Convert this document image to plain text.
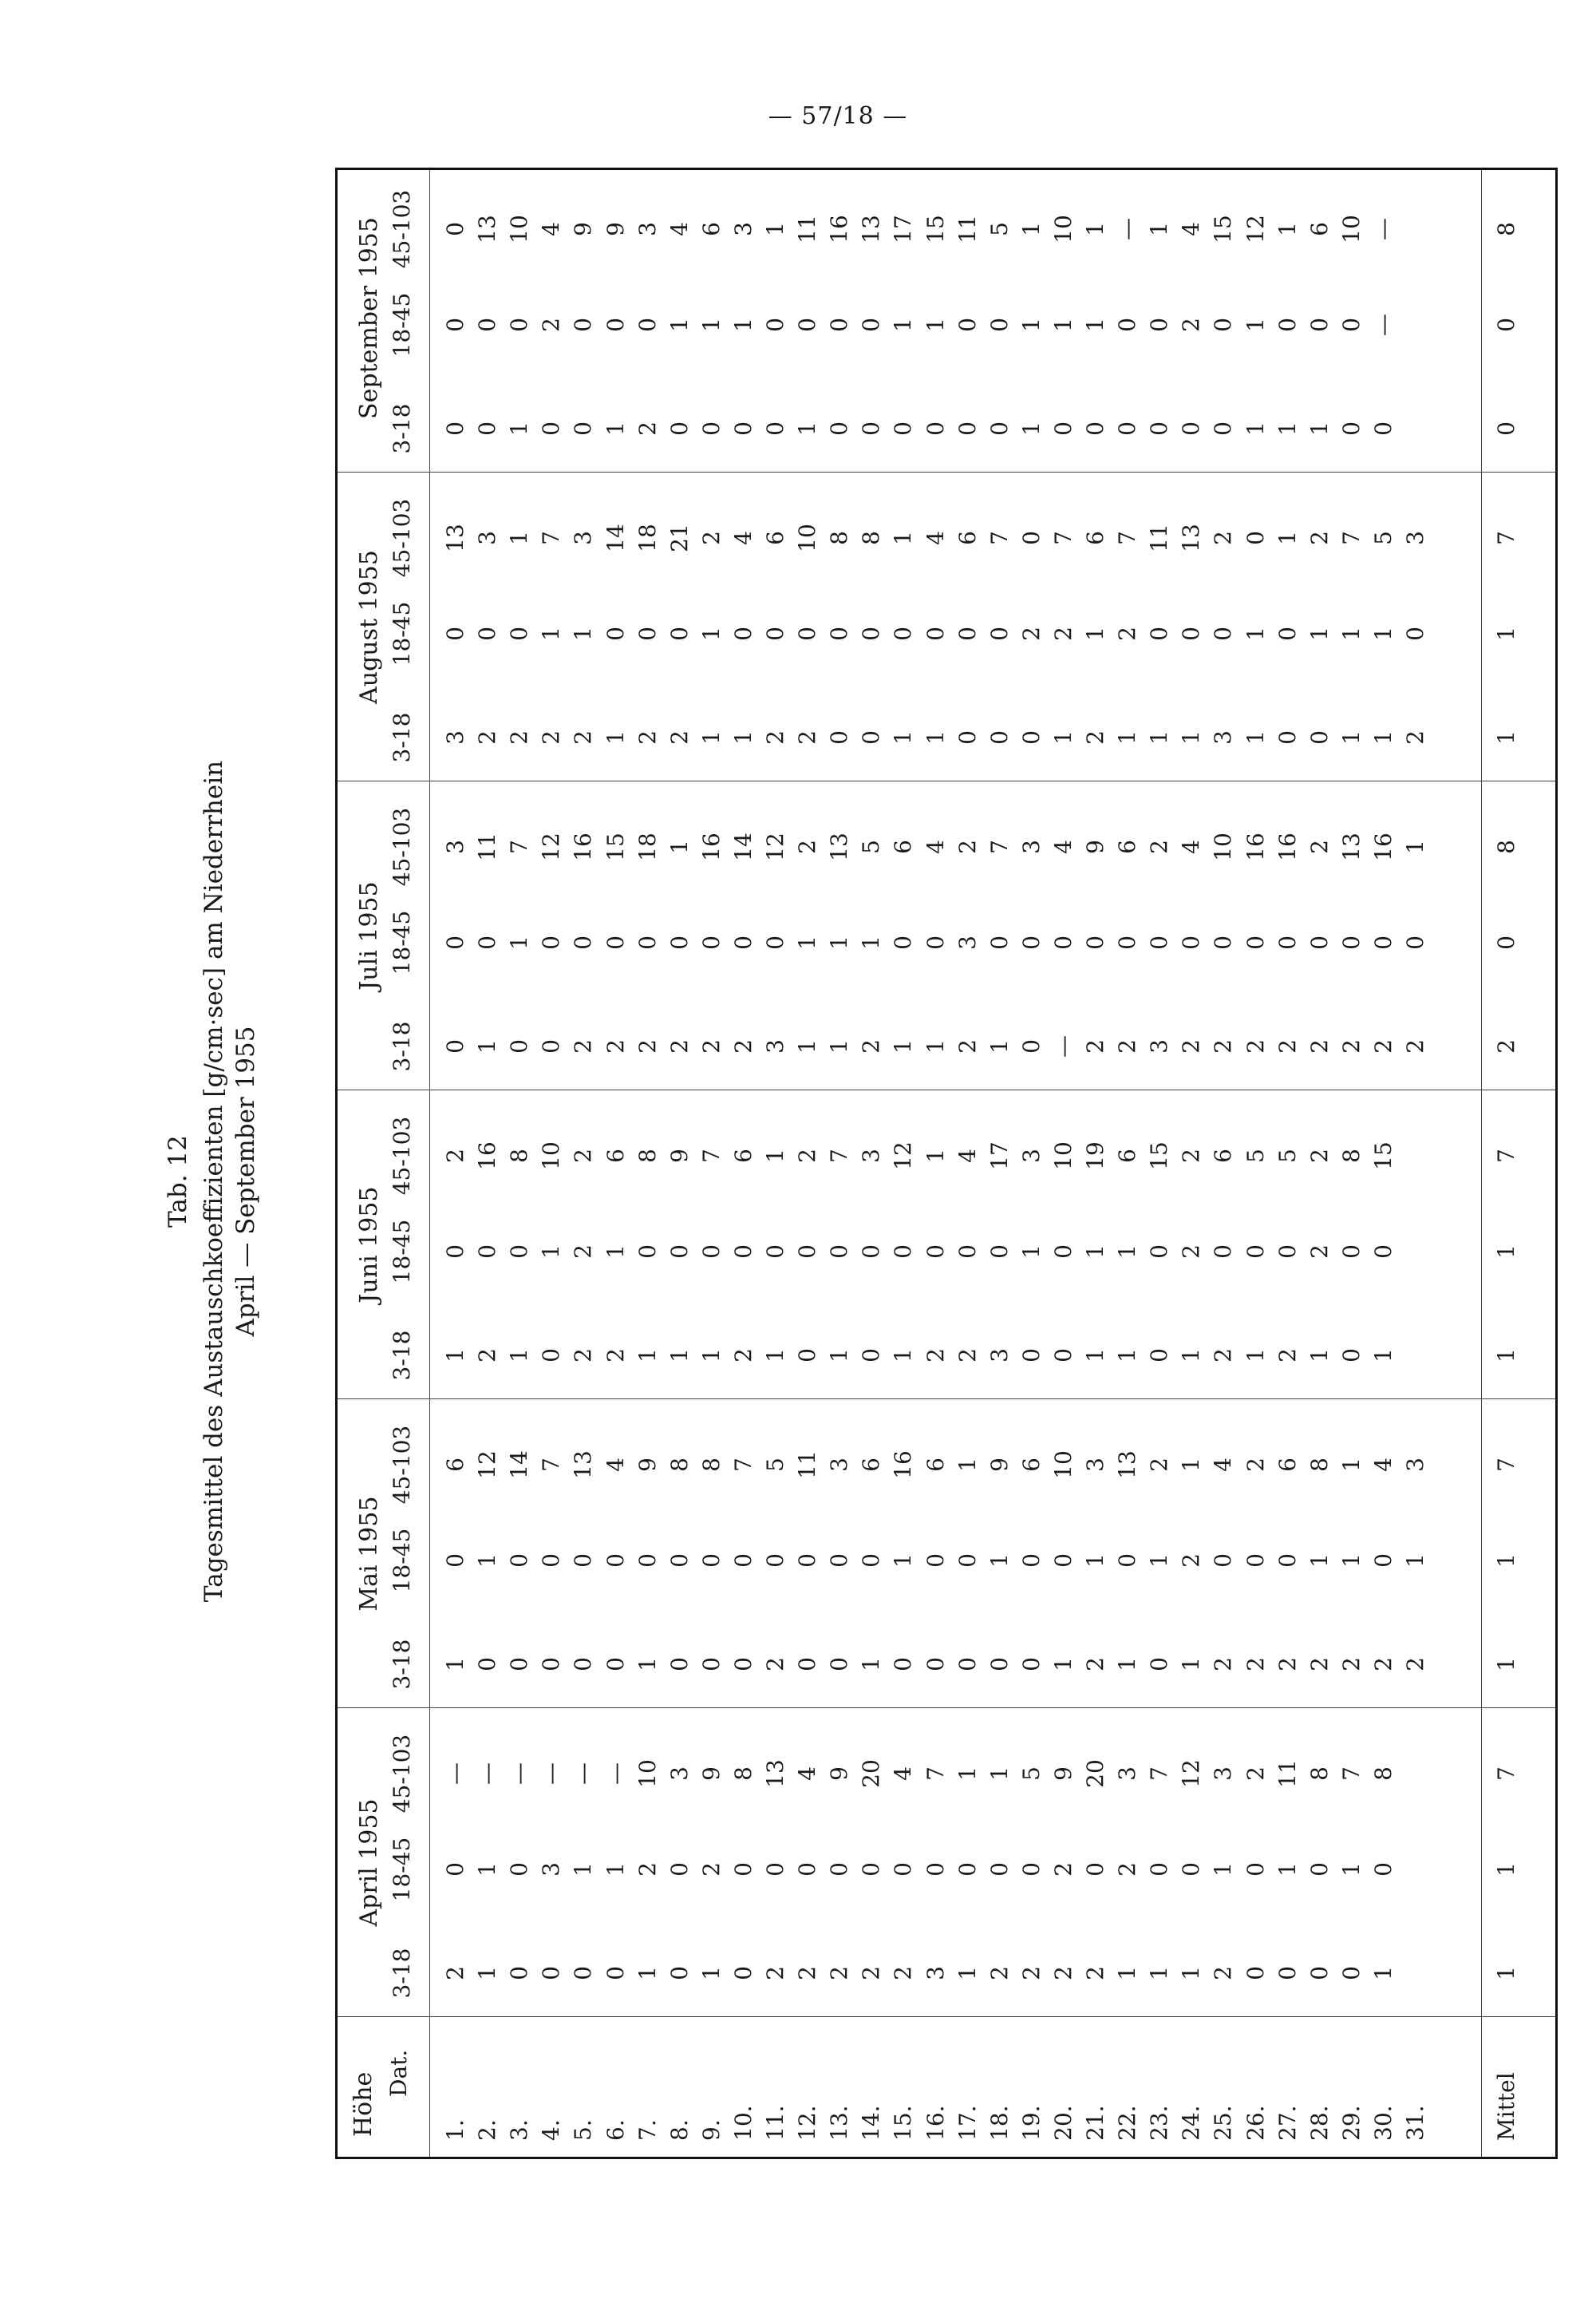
— 57/18 —
Tab. 12 Tagesmittel des Austauschkoeffizienten [g/cm·sec] am Niederrhein April — September 1955
Höhe Dat.
1. 2. 3. 4. 5. 6. 7. 8. 9. 10. 11. 12. 13. 14. 15. 16. 17. 18. 19. 20. 21. 22. 23. 24. 25. 26. 27. 28. 29. 30. 31.	Mittel
April 1955
3-18
18-45
45-103
2
0
—
1
1
—
0
0
—
0
3
—
0
1
—
0
1
—
1
2
10
0
0
3
1
2
9
0
0
8
2
0
13
2
0
4
2
0
9
2
0
20
2
0
4
3
0
7
1
0
1
2
0
1
2
0
5
2
2
9
2
0
20
1
2
3
1
0
7
1
0
12
2
1
3
0
0
2
0
1
11
0
0
8
0
1
7
1
0
8
1
1
7
Mai 1955
3-18
18-45
45-103
1
0
6
0
1
12
0
0
14
0
0
7
0
0
13
0
0
4
1
0
9
0
0
8
0
0
8
0
0
7
2
0
5
0
0
11
0
0
3
1
0
6
0
1
16
0
0
6
0
0
1
0
1
9
0
0
6
1
0
10
2
1
3
1
0
13
0
1
2
1
2
1
2
0
4
2
0
2
2
0
6
2
1
8
2
1
1
2
0
4
2
1
3
1
1
7
Juni 1955
3-18
18-45
45-103
1
0
2
2
0
16
1
0
8
0
1
10
2
2
2
2
1
6
1
0
8
1
0
9
1
0
7
2
0
6
1
0
1
0
0
2
1
0
7
0
0
3
1
0
12
2
0
1
2
0
4
3
0
17
0
1
3
0
0
10
1
1
19
1
1
6
0
0
15
1
2
2
2
0
6
1
0
5
2
0
5
1
2
2
0
0
8
1
0
15
1
1
7
Juli 1955
3-18
18-45
45-103
0
0
3
1
0
11
0
1
7
0
0
12
2
0
16
2
0
15
2
0
18
2
0
1
2
0
16
2
0
14
3
0
12
1
1
2
1
1
13
2
1
5
1
0
6
1
0
4
2
3
2
1
0
7
0
0
3
—
0
4
2
0
9
2
0
6
3
0
2
2
0
4
2
0
10
2
0
16
2
0
16
2
0
2
2
0
13
2
0
16
2
0
1
2
0
8
August 1955
3-18
18-45
45-103
3
0
13
2
0
3
2
0
1
2
1
7
2
1
3
1
0
14
2
0
18
2
0
21
1
1
2
1
0
4
2
0
6
2
0
10
0
0
8
0
0
8
1
0
1
1
0
4
0
0
6
0
0
7
0
2
0
1
2
7
2
1
6
1
2
7
1
0
11
1
0
13
3
0
2
1
1
0
0
0
1
0
1
2
1
1
7
1
1
5
2
0
3
1
1
7
September 1955
3-18
18-45
45-103
0
0
0
0
0
13
1
0
10
0
2
4
0
0
9
1
0
9
2
0
3
0
1
4
0
1
6
0
1
3
0
0
1
1
0
11
0
0
16
0
0
13
0
1
17
0
1
15
0
0
11
0
0
5
1
1
1
0
1
10
0
1
1
0
0
—
0
0
1
0
2
4
0
0
15
1
1
12
1
0
1
1
0
6
0
0
10
0
—
—
0
0
8
